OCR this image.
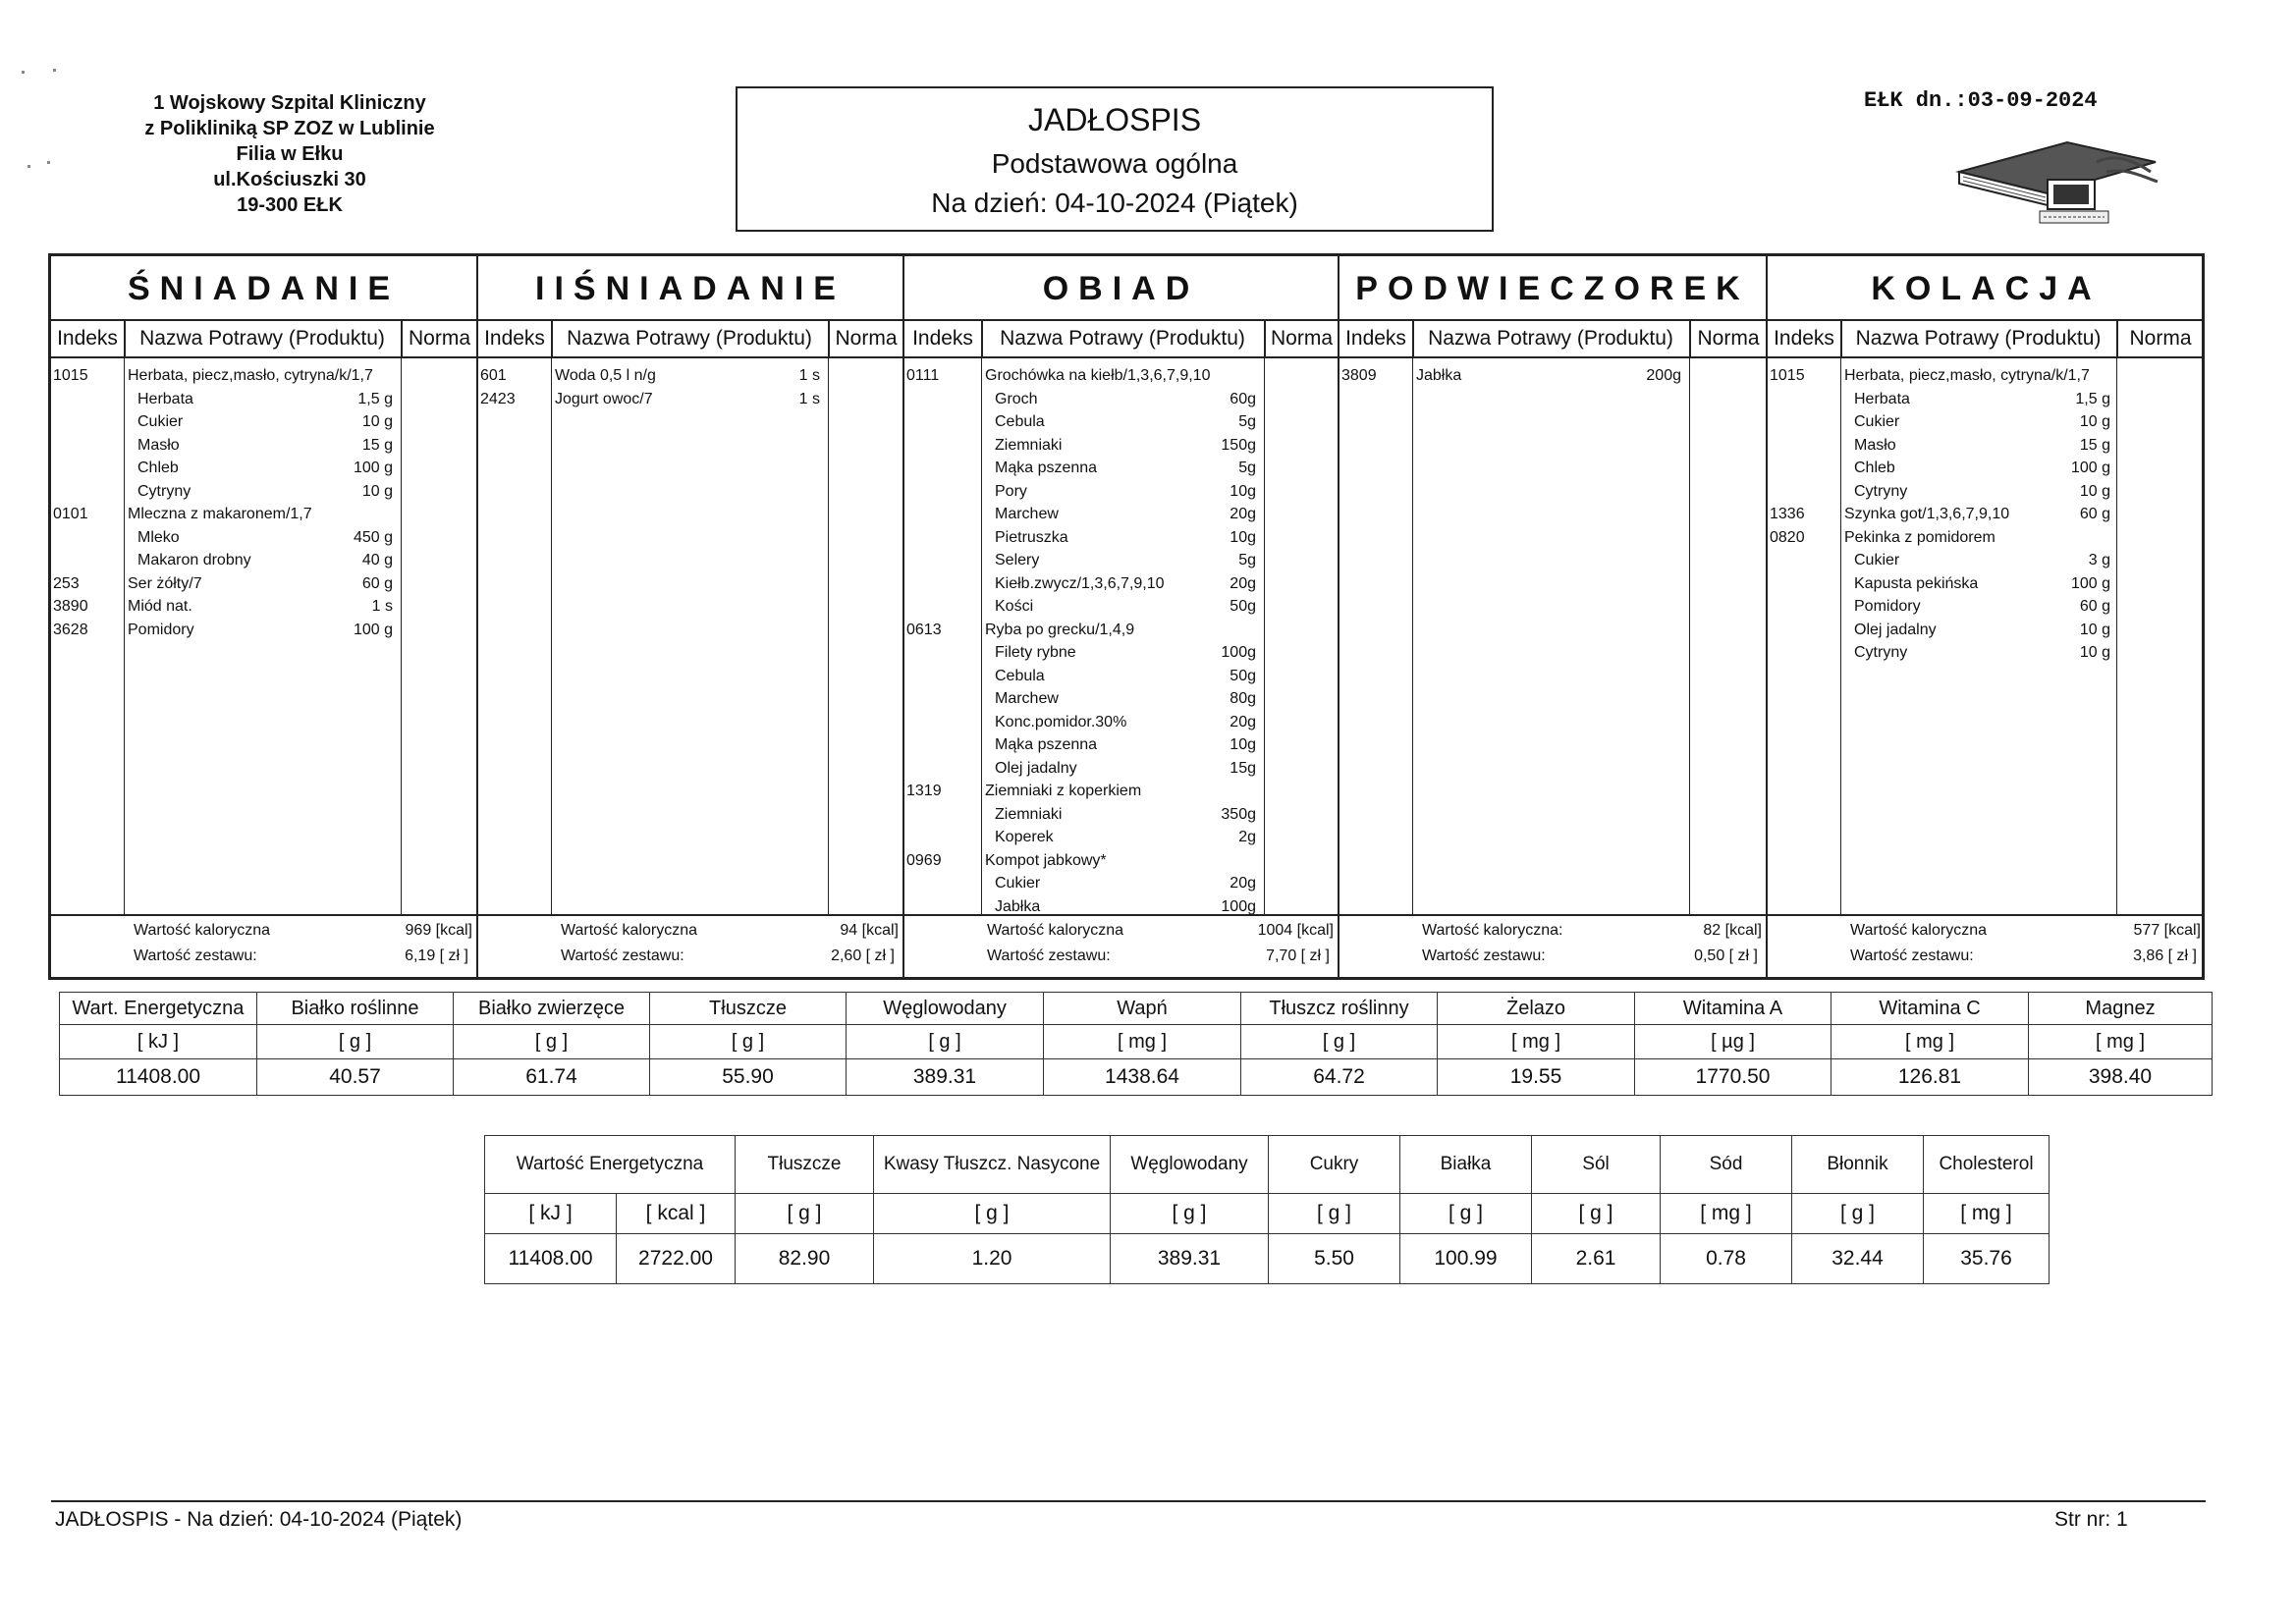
1 Wojskowy Szpital Kliniczny
z Polikliniką SP ZOZ w Lublinie
Filia w Ełku
ul.Kościuszki 30
19-300 EŁK
JADŁOSPIS
Podstawowa ogólna
Na dzień: 04-10-2024 (Piątek)
EŁK dn.:03-09-2024
ŚNIADANIE
Indeks	Nazwa Potrawy (Produktu)	Norma
1015	Herbata, piecz,masło, cytryna/k/1,7
Herbata	1,5 g
Cukier	10 g
Masło	15 g
Chleb	100 g
Cytryny	10 g
0101	Mleczna z makaronem/1,7
Mleko	450 g
Makaron drobny	40 g
253	Ser żółty/7	60 g
3890	Miód nat.	1 s
3628	Pomidory	100 g
Wartość kaloryczna	969 [kcal]
Wartość zestawu:	6,19 [ zł ]
IIŚNIADANIE
Indeks	Nazwa Potrawy (Produktu)	Norma
601	Woda 0,5 l n/g	1 s
2423	Jogurt owoc/7	1 s
Wartość kaloryczna	94 [kcal]
Wartość zestawu:	2,60 [ zł ]
OBIAD
Indeks	Nazwa Potrawy (Produktu)	Norma
0111	Grochówka na kiełb/1,3,6,7,9,10
Groch	60g
Cebula	5g
Ziemniaki	150g
Mąka pszenna	5g
Pory	10g
Marchew	20g
Pietruszka	10g
Selery	5g
Kiełb.zwycz/1,3,6,7,9,10	20g
Kości	50g
0613	Ryba po grecku/1,4,9
Filety rybne	100g
Cebula	50g
Marchew	80g
Konc.pomidor.30%	20g
Mąka pszenna	10g
Olej jadalny	15g
1319	Ziemniaki z koperkiem
Ziemniaki	350g
Koperek	2g
0969	Kompot jabkowy*
Cukier	20g
Jabłka	100g
Wartość kaloryczna	1004 [kcal]
Wartość zestawu:	7,70 [ zł ]
PODWIECZOREK
Indeks	Nazwa Potrawy (Produktu)	Norma
3809	Jabłka	200g
Wartość kaloryczna:	82 [kcal]
Wartość zestawu:	0,50 [ zł ]
KOLACJA
Indeks	Nazwa Potrawy (Produktu)	Norma
1015	Herbata, piecz,masło, cytryna/k/1,7
Herbata	1,5 g
Cukier	10 g
Masło	15 g
Chleb	100 g
Cytryny	10 g
1336	Szynka got/1,3,6,7,9,10	60 g
0820	Pekinka z pomidorem
Cukier	3 g
Kapusta pekińska	100 g
Pomidory	60 g
Olej jadalny	10 g
Cytryny	10 g
Wartość kaloryczna	577 [kcal]
Wartość zestawu:	3,86 [ zł ]
Wart. Energetyczna	Białko roślinne	Białko zwierzęce	Tłuszcze	Węglowodany	Wapń	Tłuszcz roślinny	Żelazo	Witamina A	Witamina C	Magnez
[ kJ ]	[ g ]	[ g ]	[ g ]	[ g ]	[ mg ]	[ g ]	[ mg ]	[ µg ]	[ mg ]	[ mg ]
11408.00	40.57	61.74	55.90	389.31	1438.64	64.72	19.55	1770.50	126.81	398.40
Wartość Energetyczna		Tłuszcze	Kwasy Tłuszcz. Nasycone	Węglowodany	Cukry	Białka	Sól	Sód	Błonnik	Cholesterol
[ kJ ]	[ kcal ]	[ g ]	[ g ]	[ g ]	[ g ]	[ g ]	[ g ]	[ mg ]	[ g ]	[ mg ]
11408.00	2722.00	82.90	1.20	389.31	5.50	100.99	2.61	0.78	32.44	35.76
JADŁOSPIS - Na dzień: 04-10-2024 (Piątek)	Str nr: 1
